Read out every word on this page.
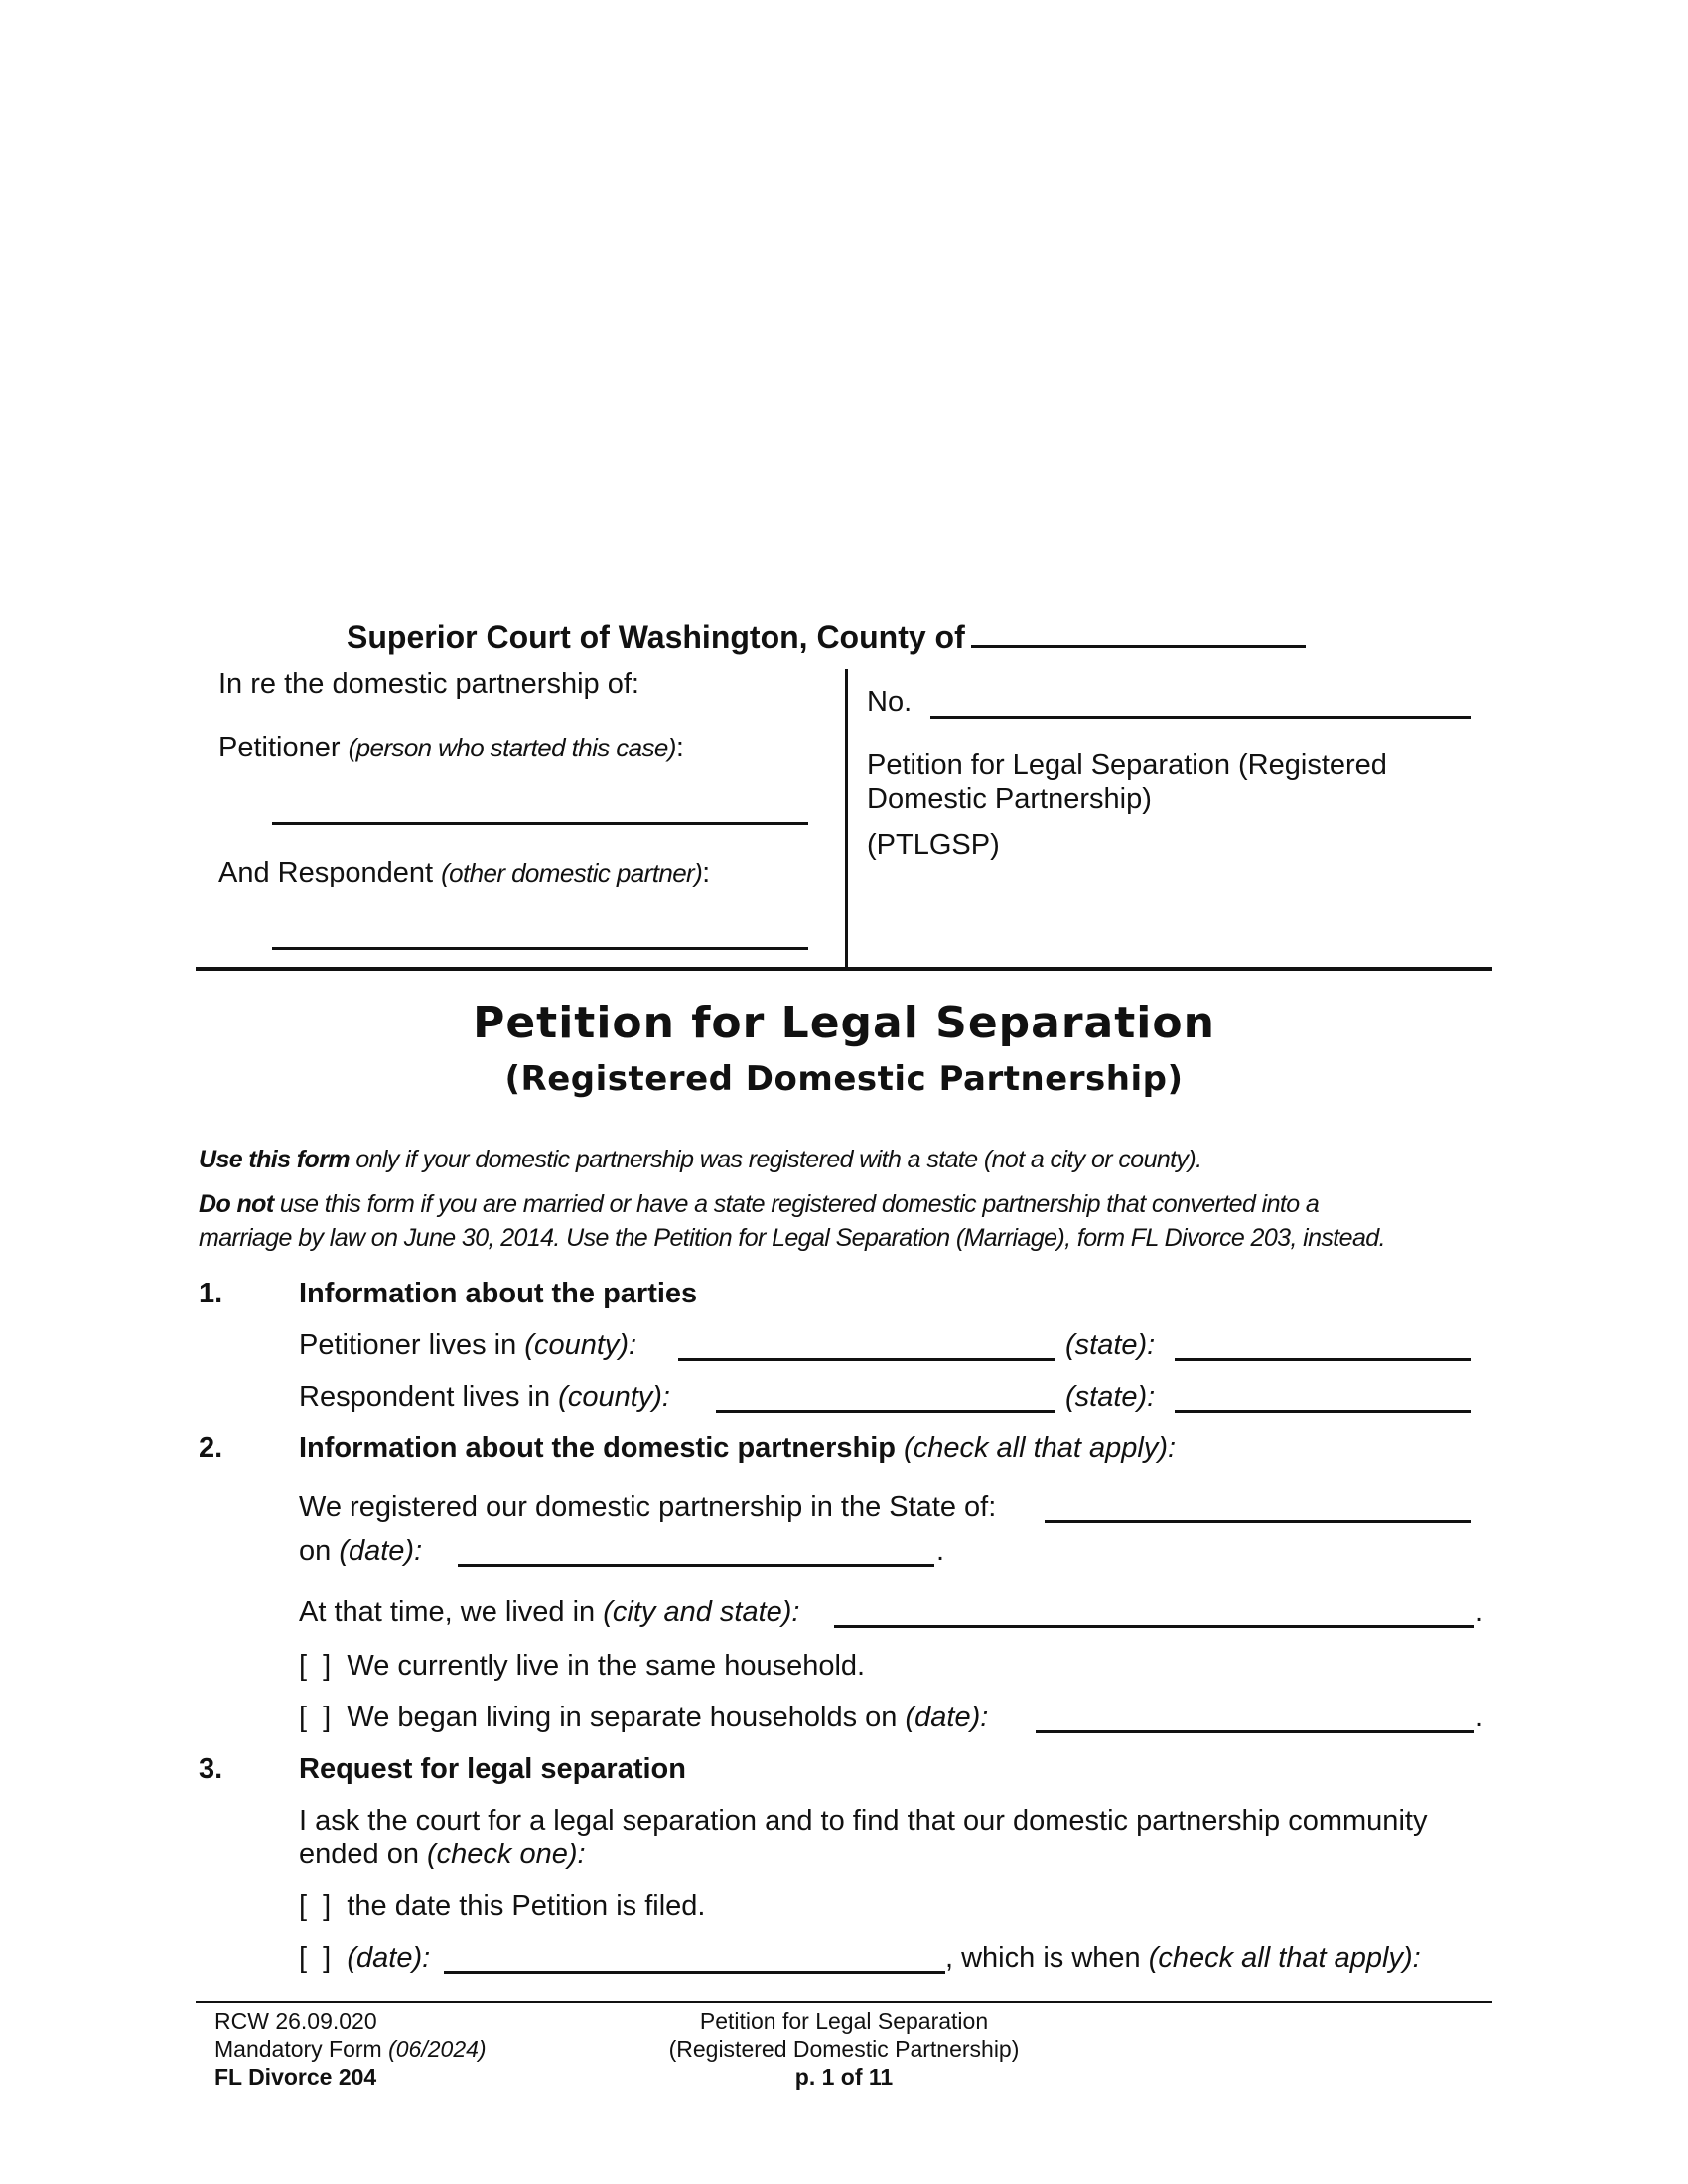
Superior Court of Washington, County of
In re the domestic partnership of:
Petitioner (person who started this case):
And Respondent (other domestic partner):
No.
Petition for Legal Separation (Registered
Domestic Partnership)
(PTLGSP)
Petition for Legal Separation
(Registered Domestic Partnership)
Use this form only if your domestic partnership was registered with a state (not a city or county).
Do not use this form if you are married or have a state registered domestic partnership that converted into a
marriage by law on June 30, 2014. Use the Petition for Legal Separation (Marriage), form FL Divorce 203, instead.
1.	Information about the parties
Petitioner lives in (county):	(state):
Respondent lives in (county):	(state):
2.	Information about the domestic partnership (check all that apply):
We registered our domestic partnership in the State of:
on (date):	.
At that time, we lived in (city and state):	.
[  ] We currently live in the same household.
[  ] We began living in separate households on (date):	.
3.	Request for legal separation
I ask the court for a legal separation and to find that our domestic partnership community
ended on (check one):
[  ] the date this Petition is filed.
[  ] (date):	, which is when (check all that apply):
RCW 26.09.020
Mandatory Form (06/2024)
FL Divorce 204
Petition for Legal Separation
(Registered Domestic Partnership)
p. 1 of 11
